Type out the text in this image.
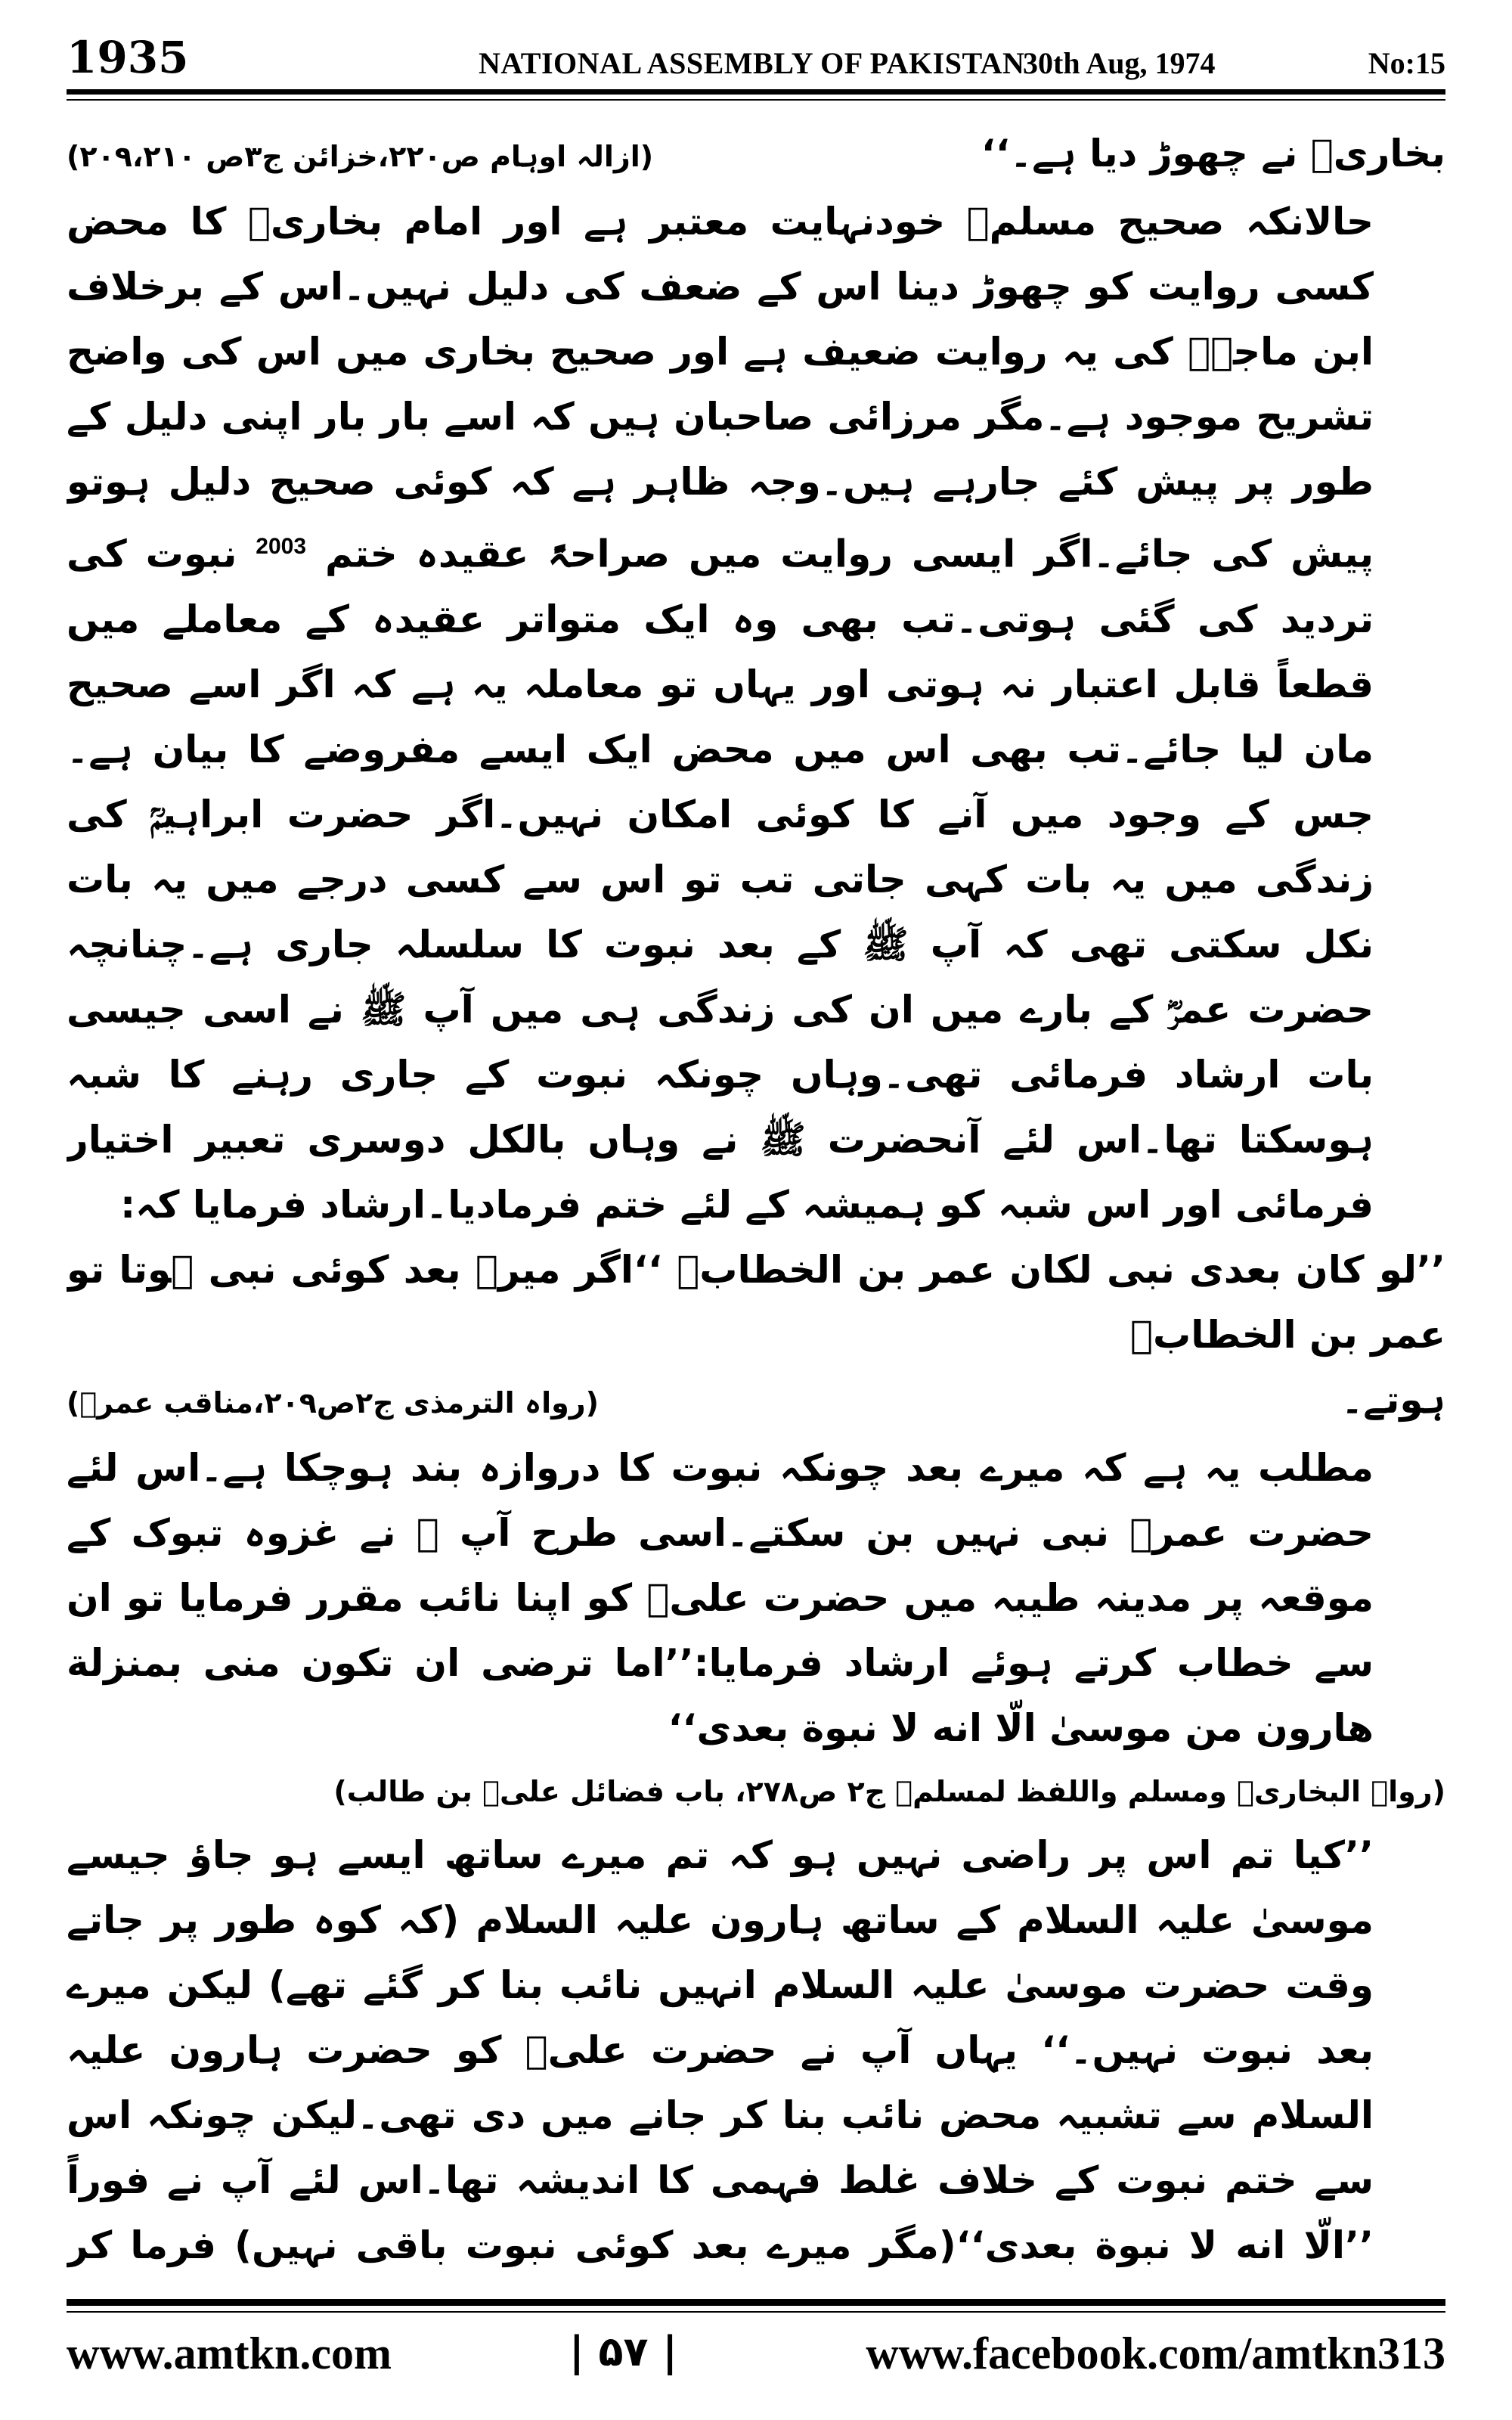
1935	NATIONAL ASSEMBLY OF PAKISTAN
30th Aug, 1974	No:15
بخاریؒ نے چھوڑ دیا ہے۔‘‘
(ازالہ اوہام ص۲۲۰،خزائن ج۳ص ۲۰۹،۲۱۰)

حالانکہ صحیح مسلمؒ خودنہایت معتبر ہے اور امام بخاریؒ کا محض کسی روایت کو چھوڑ دینا اس کے ضعف کی دلیل نہیں۔اس کے برخلاف ابن ماجہؒ کی یہ روایت ضعیف ہے اور صحیح بخاری میں اس کی واضح تشریح موجود ہے۔مگر مرزائی صاحبان ہیں کہ اسے بار بار اپنی دلیل کے طور پر پیش کئے جارہے ہیں۔وجہ ظاہر ہے کہ کوئی صحیح دلیل ہوتو پیش کی جائے۔اگر ایسی روایت میں صراحۃً عقیدہ ختم $^{2003}$ نبوت کی تردید کی گئی ہوتی۔تب بھی وہ ایک متواتر عقیدہ کے معاملے میں قطعاً قابل اعتبار نہ ہوتی اور یہاں تو معاملہ یہ ہے کہ اگر اسے صحیح مان لیا جائے۔تب بھی اس میں محض ایک ایسے مفروضے کا بیان ہے۔جس کے وجود میں آنے کا کوئی امکان نہیں۔اگر حضرت ابراہیمؒ کی زندگی میں یہ بات کہی جاتی تب تو اس سے کسی درجے میں یہ بات نکل سکتی تھی کہ آپ ﷺ کے بعد نبوت کا سلسلہ جاری ہے۔چنانچہ حضرت عمرؓ کے بارے میں ان کی زندگی ہی میں آپ ﷺ نے اسی جیسی بات ارشاد فرمائی تھی۔وہاں چونکہ نبوت کے جاری رہنے کا شبہ ہوسکتا تھا۔اس لئے آنحضرت ﷺ نے وہاں بالکل دوسری تعبیر اختیار فرمائی اور اس شبہ کو ہمیشہ کے لئے ختم فرمادیا۔ارشاد فرمایا کہ:

’’لو کان بعدی نبی لکان عمر بن الخطابؓ ‘‘اگر میرے بعد کوئی نبی ہوتا تو عمر بن الخطابؓ

ہوتے۔
(رواہ الترمذی ج۲ص۲۰۹،مناقب عمرؓ)

مطلب یہ ہے کہ میرے بعد چونکہ نبوت کا دروازہ بند ہوچکا ہے۔اس لئے حضرت عمرؓ نبی نہیں بن سکتے۔اسی طرح آپ ﷺ نے غزوہ تبوک کے موقعہ پر مدینہ طیبہ میں حضرت علیؓ کو اپنا نائب مقرر فرمایا تو ان سے خطاب کرتے ہوئے ارشاد فرمایا:’’اما ترضی ان تکون منی بمنزلة هارون من موسیٰ الّا انه لا نبوة بعدی‘‘

(رواہ البخاریؒ ومسلم واللفظ لمسلمؒ ج۲ ص۲۷۸، باب فضائل علیؓ بن طالب)

’’کیا تم اس پر راضی نہیں ہو کہ تم میرے ساتھ ایسے ہو جاؤ جیسے موسیٰ علیہ السلام کے ساتھ ہارون علیہ السلام (کہ کوہ طور پر جاتے وقت حضرت موسیٰ علیہ السلام انہیں نائب بنا کر گئے تھے) لیکن میرے بعد نبوت نہیں۔‘‘ یہاں آپ نے حضرت علیؓ کو حضرت ہارون علیہ السلام سے تشبیہ محض نائب بنا کر جانے میں دی تھی۔لیکن چونکہ اس سے ختم نبوت کے خلاف غلط فہمی کا اندیشہ تھا۔اس لئے آپ نے فوراً ’’الّا انه لا نبوة بعدی‘‘(مگر میرے بعد کوئی نبوت باقی نہیں) فرما کر

www.amtkn.com	| ۵۷ |	www.facebook.com/amtkn313
